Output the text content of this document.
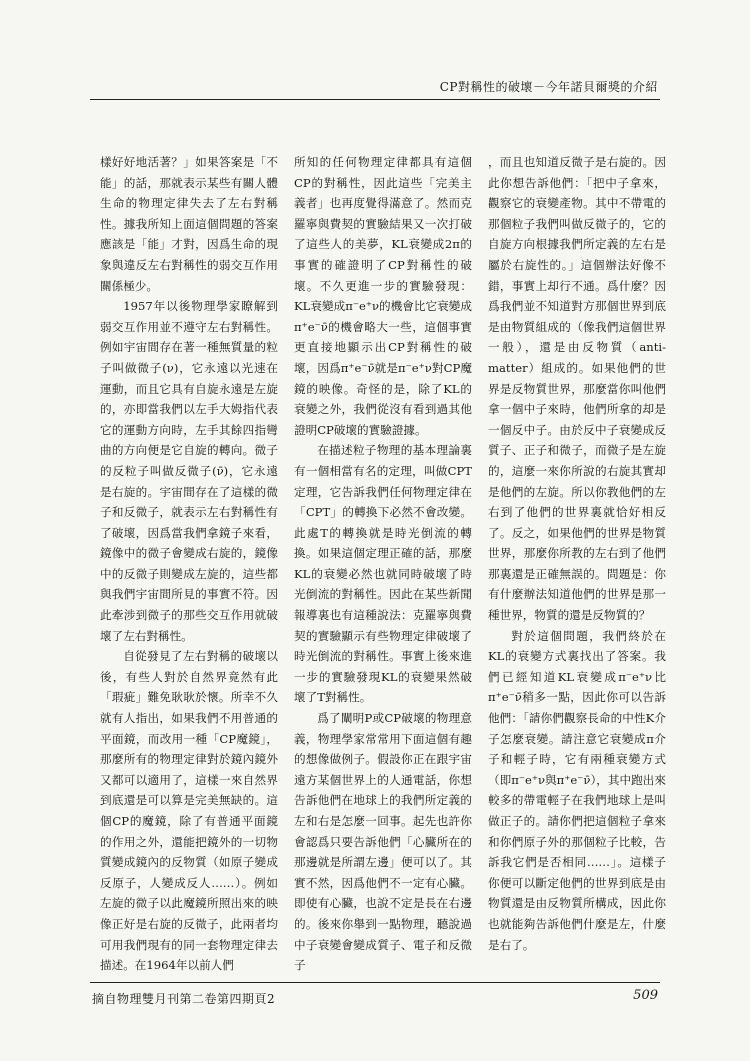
CP對稱性的破壞－今年諾貝爾獎的介紹

樣好好地活著？」如果答案是「不能」的話，那就表示某些有關人體生命的物理定律失去了左右對稱性。據我所知上面這個問題的答案應該是「能」才對，因爲生命的現象與違反左右對稱性的弱交互作用關係極少。

1957年以後物理學家瞭解到弱交互作用並不遵守左右對稱性。例如宇宙間存在著一種無質量的粒子叫做微子(ν)，它永遠以光速在運動，而且它具有自旋永遠是左旋的，亦即當我們以左手大姆指代表它的運動方向時，左手其餘四指彎曲的方向便是它自旋的轉向。微子的反粒子叫做反微子(ν̄)，它永遠是右旋的。宇宙間存在了這樣的微子和反微子，就表示左右對稱性有了破壞，因爲當我們拿鏡子來看，鏡像中的微子會變成右旋的，鏡像中的反微子則變成左旋的，這些都與我們宇宙間所見的事實不符。因此牽涉到微子的那些交互作用就破壞了左右對稱性。

自從發見了左右對稱的破壞以後，有些人對於自然界竟然有此「瑕疵」難免耿耿於懷。所幸不久就有人指出，如果我們不用普通的平面鏡，而改用一種「CP魔鏡」，那麼所有的物理定律對於鏡內鏡外又都可以適用了，這樣一來自然界到底還是可以算是完美無缺的。這個CP的魔鏡，除了有普通平面鏡的作用之外，還能把鏡外的一切物質變成鏡內的反物質（如原子變成反原子，人變成反人……）。例如左旋的微子以此魔鏡所照出來的映像正好是右旋的反微子，此兩者均可用我們現有的同一套物理定律去描述。在1964年以前人們

所知的任何物理定律都具有這個CP的對稱性，因此這些「完美主義者」也再度覺得滿意了。然而克羅寧與費契的實驗結果又一次打破了這些人的美夢，KL衰變成2π的事實的確證明了CP對稱性的破壞。不久更進一步的實驗發現：KL衰變成π⁻e⁺ν的機會比它衰變成π⁺e⁻ν̄的機會略大一些，這個事實更直接地顯示出CP對稱性的破壞，因爲π⁺e⁻ν̄就是π⁻e⁺ν對CP魔鏡的映像。奇怪的是，除了KL的衰變之外，我們從沒有看到過其他證明CP破壞的實驗證據。

在描述粒子物理的基本理論裏有一個相當有名的定理，叫做CPT定理，它告訴我們任何物理定律在「CPT」的轉換下必然不會改變。此處T的轉換就是時光倒流的轉換。如果這個定理正確的話，那麼KL的衰變必然也就同時破壞了時光倒流的對稱性。因此在某些新聞報導裏也有這種說法：克羅寧與費契的實驗顯示有些物理定律破壞了時光倒流的對稱性。事實上後來進一步的實驗發現KL的衰變果然破壞了T對稱性。

爲了闡明P或CP破壞的物理意義，物理學家常常用下面這個有趣的想像做例子。假設你正在跟宇宙遠方某個世界上的人通電話，你想告訴他們在地球上的我們所定義的左和右是怎麼一回事。起先也許你會認爲只要告訴他們「心臟所在的那邊就是所謂左邊」便可以了。其實不然，因爲他們不一定有心臟。即使有心臟，也說不定是長在右邊的。後來你舉到一點物理，聽說過中子衰變會變成質子、電子和反微子

，而且也知道反微子是右旋的。因此你想告訴他們：「把中子拿來，觀察它的衰變產物。其中不帶電的那個粒子我們叫做反微子的，它的自旋方向根據我們所定義的左右是屬於右旋性的。」這個辦法好像不錯，事實上却行不通。爲什麼？因爲我們並不知道對方那個世界到底是由物質組成的（像我們這個世界一般），還是由反物質（anti-matter）組成的。如果他們的世界是反物質世界，那麼當你叫他們拿一個中子來時，他們所拿的却是一個反中子。由於反中子衰變成反質子、正子和微子，而微子是左旋的，這麼一來你所說的右旋其實却是他們的左旋。所以你教他們的左右到了他們的世界裏就恰好相反了。反之，如果他們的世界是物質世界，那麼你所教的左右到了他們那裏還是正確無誤的。問題是：你有什麼辦法知道他們的世界是那一種世界，物質的還是反物質的？

對於這個問題，我們終於在KL的衰變方式裏找出了答案。我們已經知道KL衰變成π⁻e⁺ν比π⁺e⁻ν̄稍多一點，因此你可以告訴他們：「請你們觀察長命的中性K介子怎麼衰變。請注意它衰變成π介子和輕子時，它有兩種衰變方式（即π⁻e⁺ν與π⁺e⁻ν̄），其中跑出來較多的帶電輕子在我們地球上是叫做正子的。請你們把這個粒子拿來和你們原子外的那個粒子比較，告訴我它們是否相同……」。這樣子你便可以斷定他們的世界到底是由物質還是由反物質所構成，因此你也就能夠告訴他們什麼是左，什麼是右了。

摘自物理雙月刊第二卷第四期頁2	509
